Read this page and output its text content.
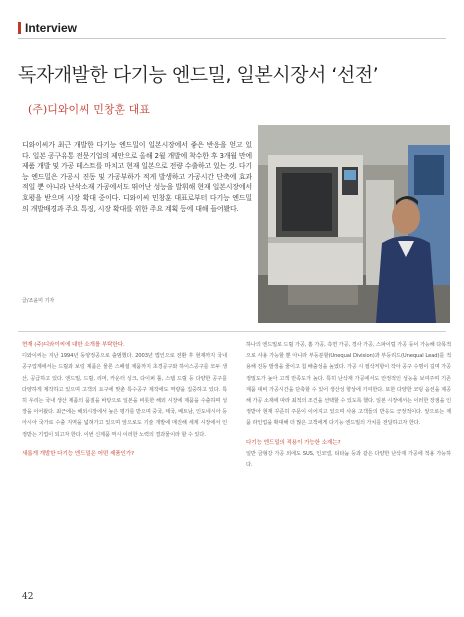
Interview
독자개발한 다기능 엔드밀, 일본시장서 ‘선전’
(주)디와이씨 민창훈 대표
디와이씨가 최근 개발한 다기능 엔드밀이 일본시장에서 좋은 반응을 얻고 있다. 일본 공구유통 전문기업의 제안으로 올해 2월 개발에 착수한 후 3개월 만에 제품 개발 및 가공 테스트를 마치고 현재 일본으로 전량 수출하고 있는 것. 다기능 엔드밀은 가공시 진동 및 가공부하가 적게 발생하고 가공시간 단축에 효과적일 뿐 아니라 난삭소재 가공에서도 뛰어난 성능을 발휘해 현재 일본시장에서 호평을 받으며 시장 확대 중이다. 디와이씨 민창훈 대표로부터 다기능 엔드밀의 개발배경과 주요 특징, 시장 확대를 위한 주요 계획 등에 대해 들어봤다.
글/조윤미 기자
현재 (주)디와이씨에 대한 소개를 부탁한다.

디와이씨는 지난 1994년 동양정공으로 출범했다. 2003년 법인으로 전환 후 현재까지 국내 공구업계에서는 드릴과 보링 제품은 물론 스페셜 제품까지 초경공구와 하이스공구를 모두 생산, 공급하고 있다. 엔드밀, 드릴, 리머, 카운터 싱크, 다이퍼 툴, 스텝 드릴 등 다양한 공구를 다양하게 제작하고 있으며 고객의 요구에 맞춘 특수공구 제작에도 역량을 집중하고 있다. 특히 우리는 국내 생산 제품의 품질을 바탕으로 일본을 비롯한 해외 시장에 제품을 수출하며 성장을 이어왔다. 최근에는 해외시장에서 높은 평가를 받으며 중국, 태국, 베트남, 인도네시아 등 아시아 국가로 수출 지역을 넓혀가고 있으며 앞으로도 기술 개발에 매진해 세계 시장에서 인정받는 기업이 되고자 한다. 이번 신제품 역시 이러한 노력의 결과물이라 할 수 있다.

새롭게 개발한 다기능 엔드밀은 어떤 제품인가?

하나의 엔드밀로 드릴 가공, 홈 가공, 측면 가공, 경사 가공, 스파이럴 가공 등이 가능해 다목적으로 사용 가능할 뿐 아니라 부등분할(Unequal Division)과 부등리드(Unequal Lead)를 적용해 진동 발생을 줄이고 칩 배출성을 높였다. 가공 시 절삭저항이 작아 공구 수명이 길며 가공 정밀도가 높아 고객 만족도가 높다. 특히 난삭재 가공에서도 안정적인 성능을 보여주며 기존 제품 대비 가공시간을 단축할 수 있어 생산성 향상에 기여한다. 또한 다양한 코팅 옵션을 제공해 가공 소재에 따라 최적의 조건을 선택할 수 있도록 했다. 일본 시장에서는 이러한 장점을 인정받아 현재 꾸준히 주문이 이어지고 있으며 사용 고객들의 반응도 긍정적이다. 앞으로는 제품 라인업을 확대해 더 많은 고객에게 다기능 엔드밀의 가치를 전달하고자 한다.

다기능 엔드밀의 적용이 가능한 소재는?

일반 금형강 가공 외에도 SUS, 인코넬, 티타늄 등과 같은 다양한 난삭재 가공에 적용 가능하다.

42
